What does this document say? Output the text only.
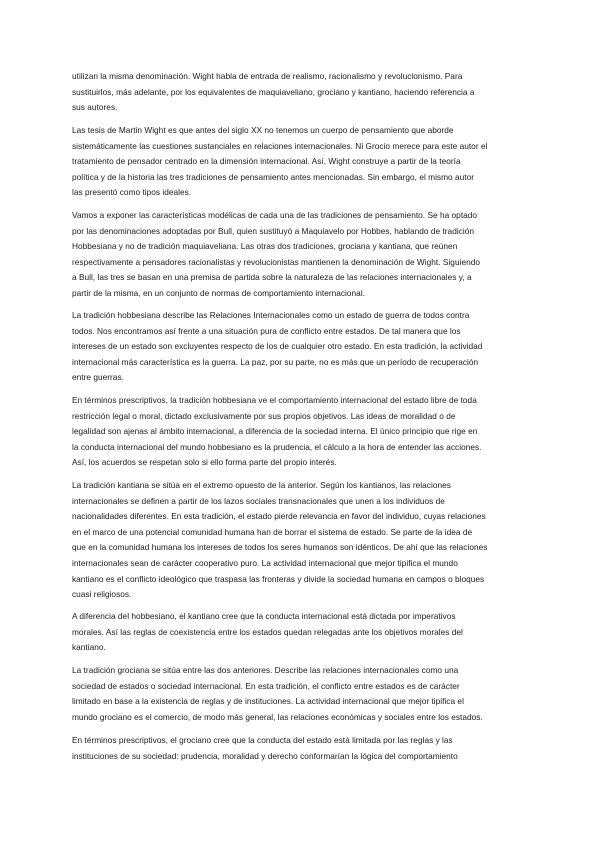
utilizan la misma denominación. Wight habla de entrada de realismo, racionalismo y revolucionismo. Para
sustituirlos, más adelante, por los equivalentes de maquiaveliano, grociano y kantiano, haciendo referencia a
sus autores.
Las tesis de Martin Wight es que antes del siglo XX no tenemos un cuerpo de pensamiento que aborde
sistemáticamente las cuestiones sustanciales en relaciones internacionales. Ni Grocio merece para este autor el
tratamiento de pensador centrado en la dimensión internacional. Así, Wight construye a partir de la teoría
política y de la historia las tres tradiciones de pensamiento antes mencionadas. Sin embargo, el mismo autor
las presentó como tipos ideales.
Vamos a exponer las características modélicas de cada una de las tradiciones de pensamiento. Se ha optado
por las denominaciones adoptadas por Bull, quien sustituyó a Maquiavelo por Hobbes, hablando de tradición
Hobbesiana y no de tradición maquiaveliana. Las otras dos tradiciones, grociana y kantiana, que reúnen
respectivamente a pensadores racionalistas y revolucionistas mantienen la denominación de Wight. Siguiendo
a Bull, las tres se basan en una premisa de partida sobre la naturaleza de las relaciones internacionales y, a
partir de la misma, en un conjunto de normas de comportamiento internacional.
La tradición hobbesiana describe las Relaciones Internacionales como un estado de guerra de todos contra
todos. Nos encontramos así frente a una situación pura de conflicto entre estados. De tal manera que los
intereses de un estado son excluyentes respecto de los de cualquier otro estado. En esta tradición, la actividad
internacional más característica es la guerra. La paz, por su parte, no es más que un período de recuperación
entre guerras.
En términos prescriptivos, la tradición hobbesiana ve el comportamiento internacional del estado libre de toda
restricción legal o moral, dictado exclusivamente por sus propios objetivos. Las ideas de moralidad o de
legalidad son ajenas al ámbito internacional, a diferencia de la sociedad interna. El único principio que rige en
la conducta internacional del mundo hobbesiano es la prudencia, el cálculo a la hora de entender las acciones.
Así, los acuerdos se respetan solo si ello forma parte del propio interés.
La tradición kantiana se sitúa en el extremo opuesto de la anterior. Según los kantianos, las relaciones
internacionales se definen a partir de los lazos sociales transnacionales que unen a los individuos de
nacionalidades diferentes. En esta tradición, el estado pierde relevancia en favor del individuo, cuyas relaciones
en el marco de una potencial comunidad humana han de borrar el sistema de estado. Se parte de la idea de
que en la comunidad humana los intereses de todos los seres humanos son idénticos. De ahí que las relaciones
internacionales sean de carácter cooperativo puro. La actividad internacional que mejor tipifica el mundo
kantiano es el conflicto ideológico que traspasa las fronteras y divide la sociedad humana en campos o bloques
cuasi religiosos.
A diferencia del hobbesiano, el kantiano cree que la conducta internacional está dictada por imperativos
morales. Así las reglas de coexistencia entre los estados quedan relegadas ante los objetivos morales del
kantiano.
La tradición grociana se sitúa entre las dos anteriores. Describe las relaciones internacionales como una
sociedad de estados o sociedad internacional. En esta tradición, el conflicto entre estados es de carácter
limitado en base a la existencia de reglas y de instituciones. La actividad internacional que mejor tipifica el
mundo grociano es el comercio, de modo más general, las relaciones económicas y sociales entre los estados.
En términos prescriptivos, el grociano cree que la conducta del estado está limitada por las reglas y las
instituciones de su sociedad: prudencia, moralidad y derecho conformarían la lógica del comportamiento
